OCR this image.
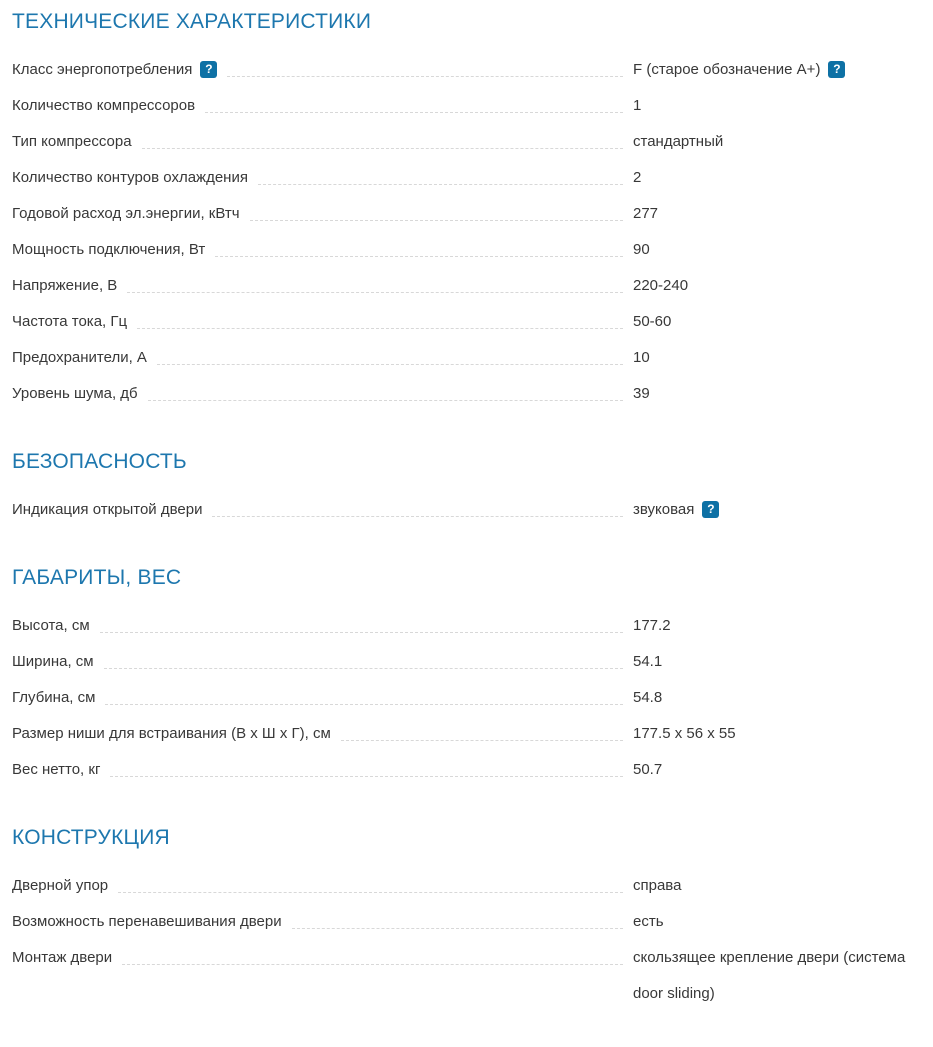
ТЕХНИЧЕСКИЕ ХАРАКТЕРИСТИКИ
Класс энергопотребления ?	F (старое обозначение A+) ?
Количество компрессоров	1
Тип компрессора	стандартный
Количество контуров охлаждения	2
Годовой расход эл.энергии, кВтч	277
Мощность подключения, Вт	90
Напряжение, В	220-240
Частота тока, Гц	50-60
Предохранители, А	10
Уровень шума, дб	39
БЕЗОПАСНОСТЬ
Индикация открытой двери	звуковая ?
ГАБАРИТЫ, ВЕС
Высота, см	177.2
Ширина, см	54.1
Глубина, см	54.8
Размер ниши для встраивания (В х Ш х Г), см	177.5 x 56 x 55
Вес нетто, кг	50.7
КОНСТРУКЦИЯ
Дверной упор	справа
Возможность перенавешивания двери	есть
Монтаж двери	скользящее крепление двери (система door sliding)
